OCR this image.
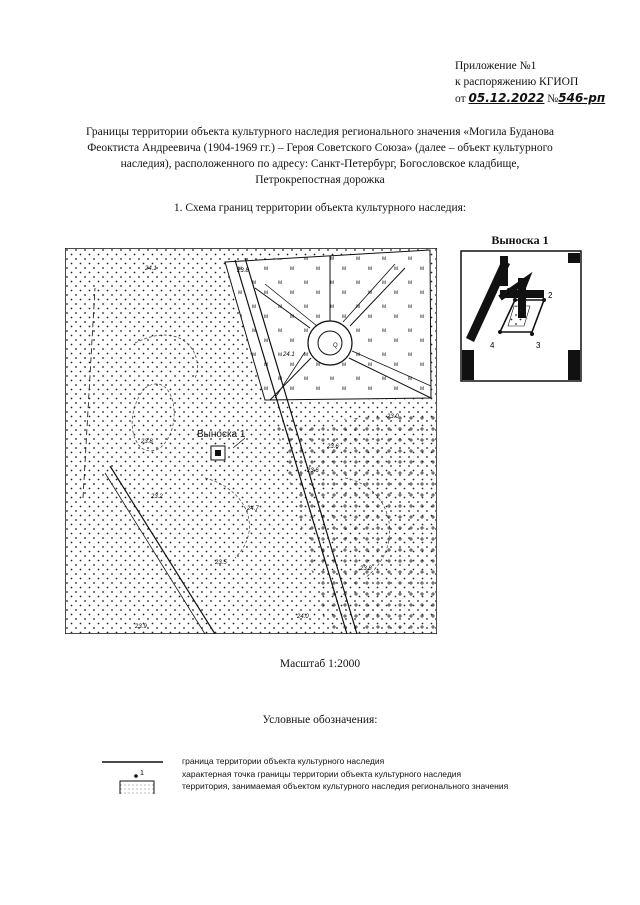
Приложение №1
к распоряжению КГИОП
от 05.12.2022 №546-рп
Границы территории объекта культурного наследия регионального значения «Могила Буданова
Феоктиста Андреевича (1904-1969 гг.) – Героя Советского Союза» (далее – объект культурного
наследия), расположенного по адресу: Санкт-Петербург, Богословское кладбище,
Петрокрепостная дорожка
1. Схема границ территории объекта культурного наследия:
Q
24.1	23.8
24.1
23.8
23.0
23.6
23.2
24.7
23.5
23.8
24.0
23.9
23.6
Выноска 1
Выноска 1
1	2
3
4
Масштаб 1:2000
Условные обозначения:
граница территории объекта культурного наследия
1	характерная точка границы территории объекта культурного наследия
территория, занимаемая объектом культурного наследия регионального значения
